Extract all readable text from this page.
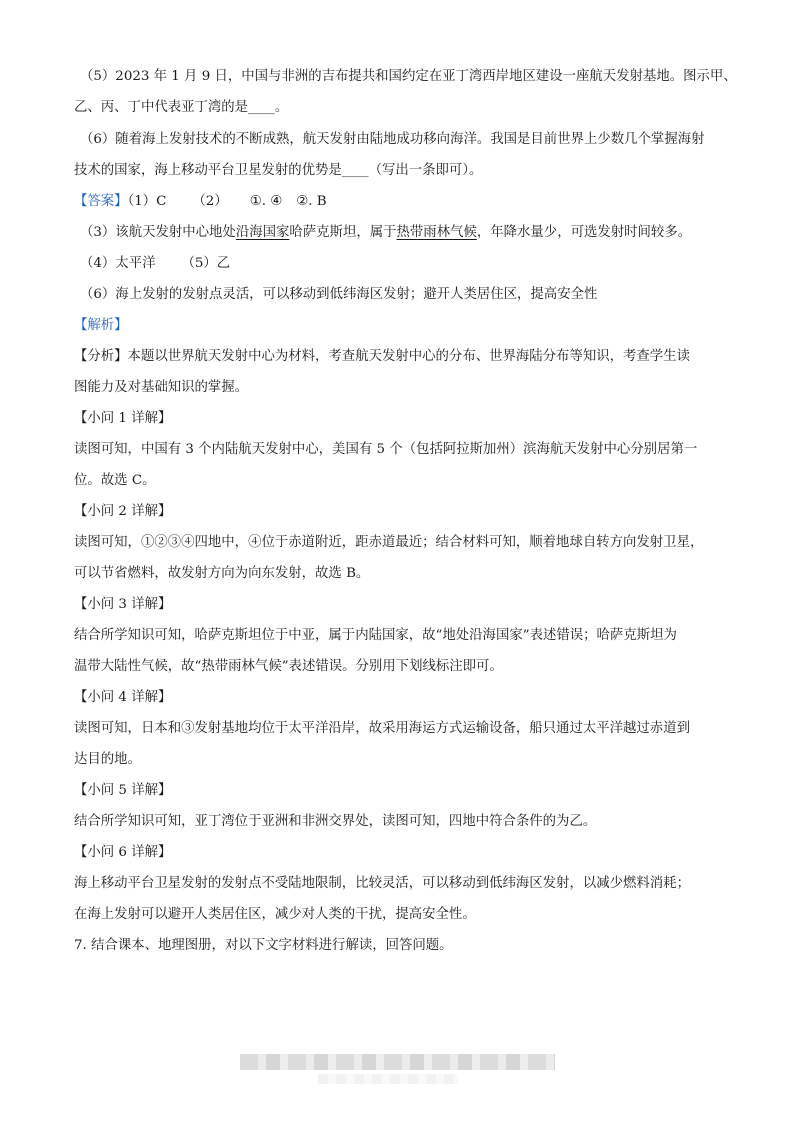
（5）2023 年 1 月 9 日，中国与非洲的吉布提共和国约定在亚丁湾西岸地区建设一座航天发射基地。图示甲、
乙、丙、丁中代表亚丁湾的是____。
（6）随着海上发射技术的不断成熟，航天发射由陆地成功移向海洋。我国是目前世界上少数几个掌握海射
技术的国家，海上移动平台卫星发射的优势是____（写出一条即可）。
【答案】（1）C （2） ①. ④ ②. B
（3）该航天发射中心地处沿海国家哈萨克斯坦，属于热带雨林气候，年降水量少，可选发射时间较多。
（4）太平洋 （5）乙
（6）海上发射的发射点灵活，可以移动到低纬海区发射；避开人类居住区，提高安全性
【解析】
【分析】本题以世界航天发射中心为材料，考查航天发射中心的分布、世界海陆分布等知识，考查学生读
图能力及对基础知识的掌握。
【小问 1 详解】
读图可知，中国有 3 个内陆航天发射中心，美国有 5 个（包括阿拉斯加州）滨海航天发射中心分别居第一
位。故选 C。
【小问 2 详解】
读图可知，①②③④四地中，④位于赤道附近，距赤道最近；结合材料可知，顺着地球自转方向发射卫星，
可以节省燃料，故发射方向为向东发射，故选 B。
【小问 3 详解】
结合所学知识可知，哈萨克斯坦位于中亚，属于内陆国家，故“地处沿海国家”表述错误；哈萨克斯坦为
温带大陆性气候，故“热带雨林气候”表述错误。分别用下划线标注即可。
【小问 4 详解】
读图可知，日本和③发射基地均位于太平洋沿岸，故采用海运方式运输设备，船只通过太平洋越过赤道到
达目的地。
【小问 5 详解】
结合所学知识可知，亚丁湾位于亚洲和非洲交界处，读图可知，四地中符合条件的为乙。
【小问 6 详解】
海上移动平台卫星发射的发射点不受陆地限制，比较灵活，可以移动到低纬海区发射，以减少燃料消耗；
在海上发射可以避开人类居住区，减少对人类的干扰，提高安全性。
7. 结合课本、地理图册，对以下文字材料进行解读，回答问题。
